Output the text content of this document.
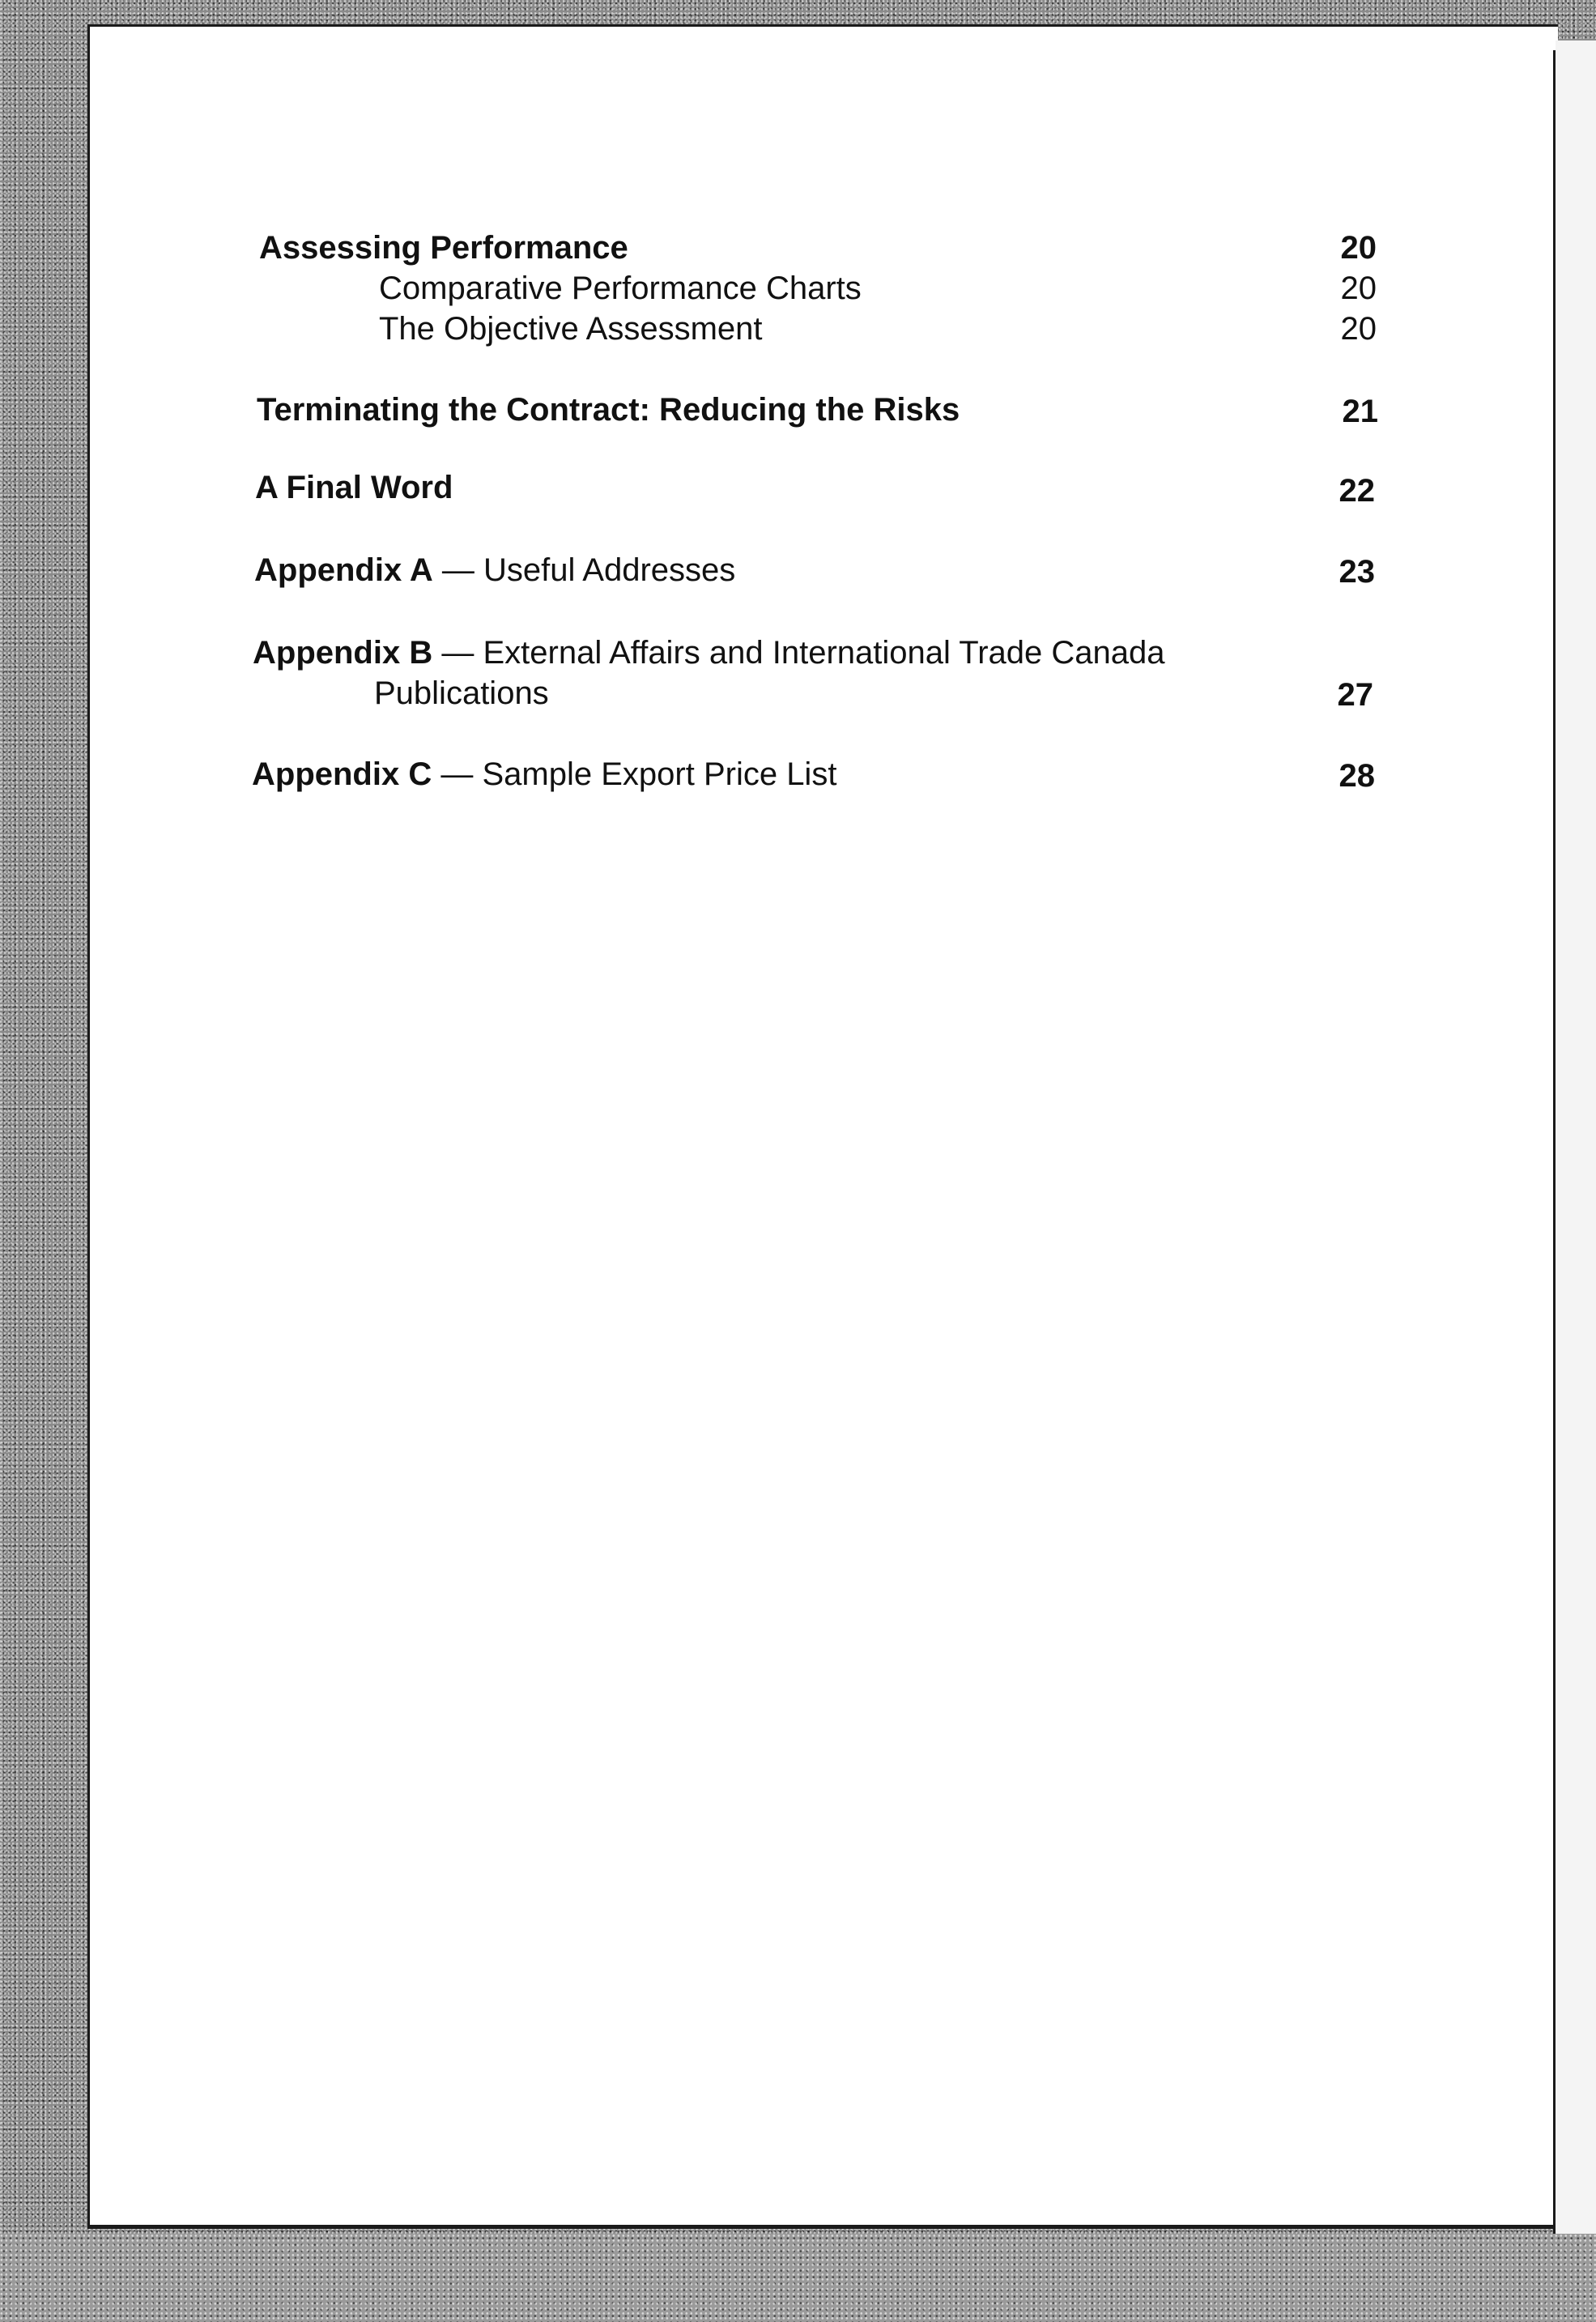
Assessing Performance	20
Comparative Performance Charts	20
The Objective Assessment	20
Terminating the Contract: Reducing the Risks	21
A Final Word	22
Appendix A — Useful Addresses	23
Appendix B — External Affairs and International Trade Canada
Publications	27
Appendix C — Sample Export Price List	28
